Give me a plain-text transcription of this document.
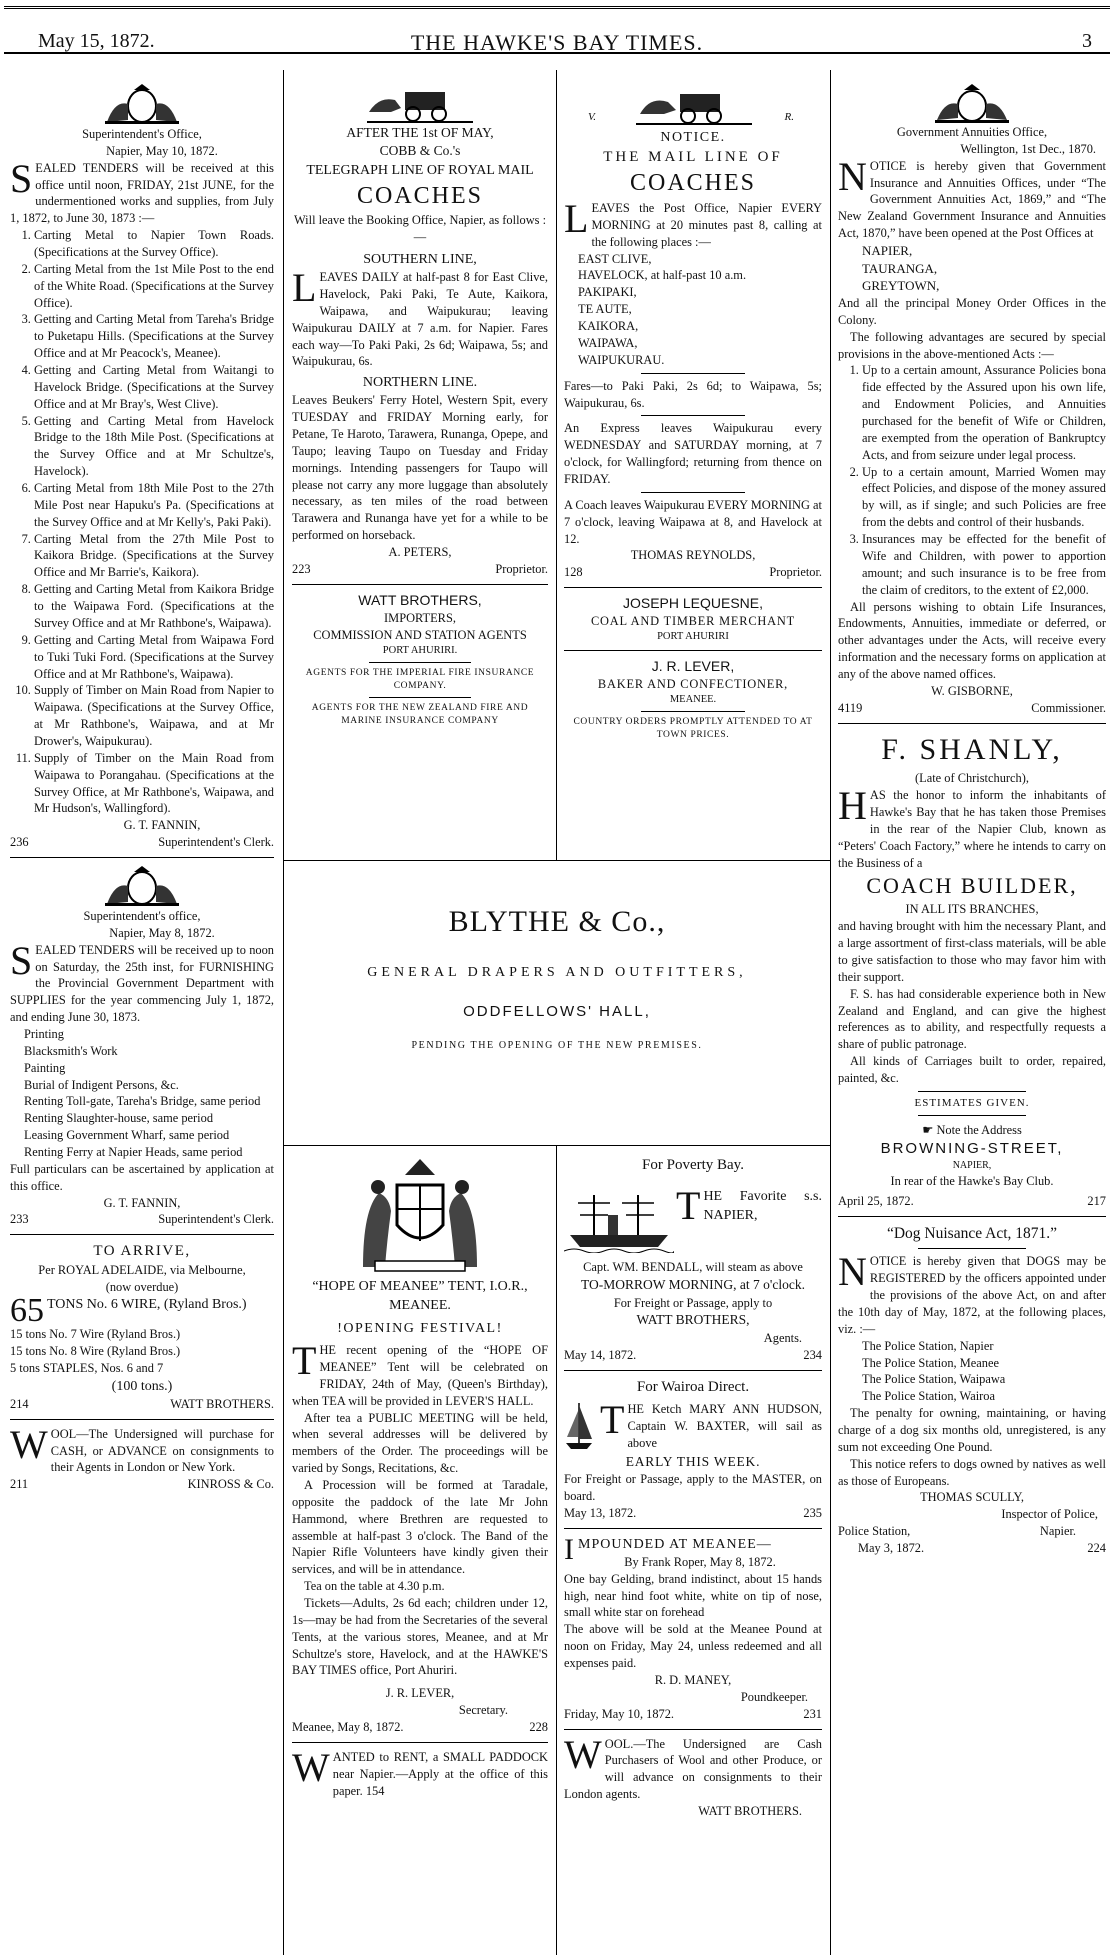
May 15, 1872.	THE HAWKE'S BAY TIMES.	3

Superintendent's Office,

Napier, May 10, 1872.

SEALED TENDERS will be received at this office until noon, FRIDAY, 21st JUNE, for the undermentioned works and supplies, from July 1, 1872, to June 30, 1873 :—

1. Carting Metal to Napier Town Roads. (Specifications at the Survey Office).
2. Carting Metal from the 1st Mile Post to the end of the White Road. (Specifications at the Survey Office).
3. Getting and Carting Metal from Tareha's Bridge to Puketapu Hills. (Specifications at the Survey Office and at Mr Peacock's, Meanee).
4. Getting and Carting Metal from Waitangi to Havelock Bridge. (Specifications at the Survey Office and at Mr Bray's, West Clive).
5. Getting and Carting Metal from Havelock Bridge to the 18th Mile Post. (Specifications at the Survey Office and at Mr Schultze's, Havelock).
6. Carting Metal from 18th Mile Post to the 27th Mile Post near Hapuku's Pa. (Specifications at the Survey Office and at Mr Kelly's, Paki Paki).
7. Carting Metal from the 27th Mile Post to Kaikora Bridge. (Specifications at the Survey Office and Mr Barrie's, Kaikora).
8. Getting and Carting Metal from Kaikora Bridge to the Waipawa Ford. (Specifications at the Survey Office and at Mr Rathbone's, Waipawa).
9. Getting and Carting Metal from Waipawa Ford to Tuki Tuki Ford. (Specifications at the Survey Office and at Mr Rathbone's, Waipawa).
10. Supply of Timber on Main Road from Napier to Waipawa. (Specifications at the Survey Office, at Mr Rathbone's, Waipawa, and at Mr Drower's, Waipukurau).
11. Supply of Timber on the Main Road from Waipawa to Porangahau. (Specifications at the Survey Office, at Mr Rathbone's, Waipawa, and Mr Hudson's, Wallingford).

G. T. FANNIN,

236	Superintendent's Clerk.

Superintendent's office,

Napier, May 8, 1872.

SEALED TENDERS will be received up to noon on Saturday, the 25th inst, for FURNISHING the Provincial Government Department with SUPPLIES for the year commencing July 1, 1872, and ending June 30, 1873.

Printing

Blacksmith's Work

Painting

Burial of Indigent Persons, &c.

Renting Toll-gate, Tareha's Bridge, same period

Renting Slaughter-house, same period

Leasing Government Wharf, same period

Renting Ferry at Napier Heads, same period

Full particulars can be ascertained by application at this office.

G. T. FANNIN,

233	Superintendent's Clerk.

TO ARRIVE,

Per ROYAL ADELAIDE, via Melbourne,

(now overdue)

65 TONS No. 6 WIRE, (Ryland Bros.)

15 tons No. 7 Wire (Ryland Bros.)

15 tons No. 8 Wire (Ryland Bros.)

5 tons STAPLES, Nos. 6 and 7

(100 tons.)

214	WATT BROTHERS.

WOOL—The Undersigned will purchase for CASH, or ADVANCE on consignments to their Agents in London or New York.

211	KINROSS & Co.

AFTER THE 1st OF MAY,

COBB & Co.'s

TELEGRAPH LINE OF ROYAL MAIL

COACHES

Will leave the Booking Office, Napier, as follows :—

SOUTHERN LINE,

LEAVES DAILY at half-past 8 for East Clive, Havelock, Paki Paki, Te Aute, Kaikora, Waipawa, and Waipukurau; leaving Waipukurau DAILY at 7 a.m. for Napier. Fares each way—To Paki Paki, 2s 6d; Waipawa, 5s; and Waipukurau, 6s.

NORTHERN LINE.

Leaves Beukers' Ferry Hotel, Western Spit, every TUESDAY and FRIDAY Morning early, for Petane, Te Haroto, Tarawera, Runanga, Opepe, and Taupo; leaving Taupo on Tuesday and Friday mornings. Intending passengers for Taupo will please not carry any more luggage than absolutely necessary, as ten miles of the road between Tarawera and Runanga have yet for a while to be performed on horseback.

A. PETERS,

223	Proprietor.

WATT BROTHERS,

IMPORTERS,

COMMISSION AND STATION AGENTS

PORT AHURIRI.

AGENTS FOR THE IMPERIAL FIRE INSURANCE COMPANY.

AGENTS FOR THE NEW ZEALAND FIRE AND MARINE INSURANCE COMPANY

V.	R.

NOTICE.

THE MAIL LINE OF

COACHES

LEAVES the Post Office, Napier EVERY MORNING at 20 minutes past 8, calling at the following places :—

EAST CLIVE,

HAVELOCK, at half-past 10 a.m.

PAKIPAKI,

TE AUTE,

KAIKORA,

WAIPAWA,

WAIPUKURAU.

Fares—to Paki Paki, 2s 6d; to Waipawa, 5s; Waipukurau, 6s.

An Express leaves Waipukurau every WEDNESDAY and SATURDAY morning, at 7 o'clock, for Wallingford; returning from thence on FRIDAY.

A Coach leaves Waipukurau EVERY MORNING at 7 o'clock, leaving Waipawa at 8, and Havelock at 12.

THOMAS REYNOLDS,

128	Proprietor.

JOSEPH LEQUESNE,

COAL AND TIMBER MERCHANT

PORT AHURIRI

J. R. LEVER,

BAKER AND CONFECTIONER,

MEANEE.

COUNTRY ORDERS PROMPTLY ATTENDED TO AT TOWN PRICES.

BLYTHE & Co.,

GENERAL DRAPERS AND OUTFITTERS,

ODDFELLOWS' HALL,

PENDING THE OPENING OF THE NEW PREMISES.

“HOPE OF MEANEE” TENT, I.O.R., MEANEE.

!OPENING FESTIVAL!

THE recent opening of the “HOPE OF MEANEE” Tent will be celebrated on FRIDAY, 24th of May, (Queen's Birthday), when TEA will be provided in LEVER'S HALL.

After tea a PUBLIC MEETING will be held, when several addresses will be delivered by members of the Order. The proceedings will be varied by Songs, Recitations, &c.

A Procession will be formed at Taradale, opposite the paddock of the late Mr John Hammond, where Brethren are requested to assemble at half-past 3 o'clock. The Band of the Napier Rifle Volunteers have kindly given their services, and will be in attendance.

Tea on the table at 4.30 p.m.

Tickets—Adults, 2s 6d each; children under 12, 1s—may be had from the Secretaries of the several Tents, at the various stores, Meanee, and at Mr Schultze's store, Havelock, and at the HAWKE'S BAY TIMES office, Port Ahuriri.

J. R. LEVER,

Secretary.

Meanee, May 8, 1872.	228

WANTED to RENT, a SMALL PADDOCK near Napier.—Apply at the office of this paper. 154

For Poverty Bay.

THE Favorite s.s. NAPIER,

Capt. WM. BENDALL, will steam as above

TO-MORROW MORNING, at 7 o'clock.

For Freight or Passage, apply to

WATT BROTHERS,

Agents.

May 14, 1872.	234

For Wairoa Direct.

THE Ketch MARY ANN HUDSON, Captain W. BAXTER, will sail as above

EARLY THIS WEEK.

For Freight or Passage, apply to the MASTER, on board.

May 13, 1872.	235

IMPOUNDED AT MEANEE—

By Frank Roper, May 8, 1872.

One bay Gelding, brand indistinct, about 15 hands high, near hind foot white, white on tip of nose, small white star on forehead

The above will be sold at the Meanee Pound at noon on Friday, May 24, unless redeemed and all expenses paid.

R. D. MANEY,

Poundkeeper.

Friday, May 10, 1872.	231

WOOL.—The Undersigned are Cash Purchasers of Wool and other Produce, or will advance on consignments to their London agents.

WATT BROTHERS.

Government Annuities Office,

Wellington, 1st Dec., 1870.

NOTICE is hereby given that Government Insurance and Annuities Offices, under “The Government Annuities Act, 1869,” and “The New Zealand Government Insurance and Annuities Act, 1870,” have been opened at the Post Offices at

NAPIER,

TAURANGA,

GREYTOWN,

And all the principal Money Order Offices in the Colony.

The following advantages are secured by special provisions in the above-mentioned Acts :—

1. Up to a certain amount, Assurance Policies bona fide effected by the Assured upon his own life, and Endowment Policies, and Annuities purchased for the benefit of Wife or Children, are exempted from the operation of Bankruptcy Acts, and from seizure under legal process.
2. Up to a certain amount, Married Women may effect Policies, and dispose of the money assured by will, as if single; and such Policies are free from the debts and control of their husbands.
3. Insurances may be effected for the benefit of Wife and Children, with power to apportion amount; and such insurance is to be free from the claim of creditors, to the extent of £2,000.

All persons wishing to obtain Life Insurances, Endowments, Annuities, immediate or deferred, or other advantages under the Acts, will receive every information and the necessary forms on application at any of the above named offices.

W. GISBORNE,

4119	Commissioner.

F. SHANLY,

(Late of Christchurch),

HAS the honor to inform the inhabitants of Hawke's Bay that he has taken those Premises in the rear of the Napier Club, known as “Peters' Coach Factory,” where he intends to carry on the Business of a

COACH BUILDER,

IN ALL ITS BRANCHES,

and having brought with him the necessary Plant, and a large assortment of first-class materials, will be able to give satisfaction to those who may favor him with their support.

F. S. has had considerable experience both in New Zealand and England, and can give the highest references as to ability, and respectfully requests a share of public patronage.

All kinds of Carriages built to order, repaired, painted, &c.

ESTIMATES GIVEN.

☛ Note the Address

BROWNING-STREET,

NAPIER,

In rear of the Hawke's Bay Club.

April 25, 1872.	217

“Dog Nuisance Act, 1871.”

NOTICE is hereby given that DOGS may be REGISTERED by the officers appointed under the provisions of the above Act, on and after the 10th day of May, 1872, at the following places, viz. :—

The Police Station, Napier

The Police Station, Meanee

The Police Station, Waipawa

The Police Station, Wairoa

The penalty for owning, maintaining, or having charge of a dog six months old, unregistered, is any sum not exceeding One Pound.

This notice refers to dogs owned by natives as well as those of Europeans.

THOMAS SCULLY,

Inspector of Police,

Police Station,	Napier.

May 3, 1872.	224
